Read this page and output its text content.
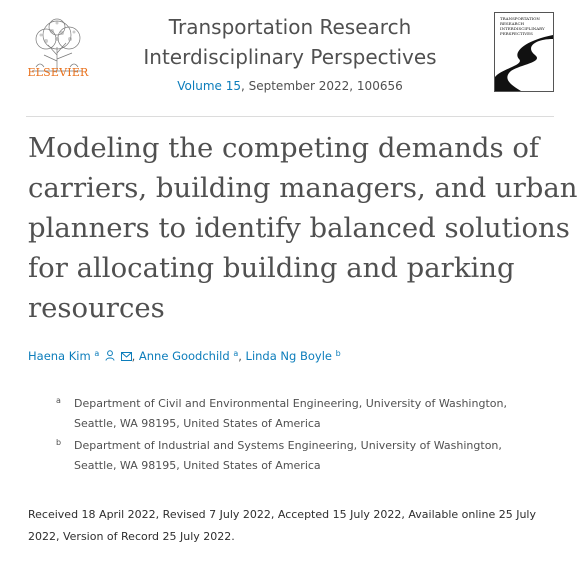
ELSEVIER
Transportation Research
Interdisciplinary Perspectives
Volume 15, September 2022, 100656
TRANSPORTATION
RESEARCH
INTERDISCIPLINARY
PERSPECTIVES
Modeling the competing demands of
carriers, building managers, and urban
planners to identify balanced solutions
for allocating building and parking
resources
Haena Kim $^a$	, Anne Goodchild $^a$, Linda Ng Boyle $^b$
a Department of Civil and Environmental Engineering, University of Washington,
Seattle, WA 98195, United States of America
b Department of Industrial and Systems Engineering, University of Washington,
Seattle, WA 98195, United States of America
Received 18 April 2022, Revised 7 July 2022, Accepted 15 July 2022, Available online 25 July
2022, Version of Record 25 July 2022.
